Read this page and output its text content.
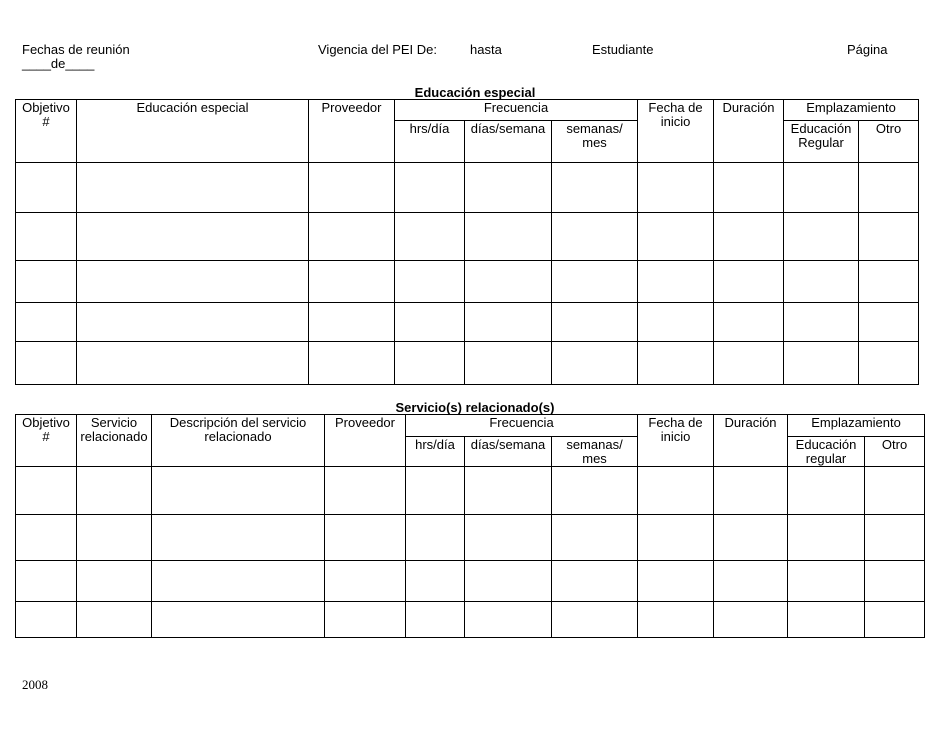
Fechas de reunión
____de____
Vigencia del PEI De:	hasta	Estudiante	Página
Educación especial
Objetivo #	Educación especial	Proveedor	Frecuencia			Fecha de inicio	Duración	Emplazamiento	
			hrs/día	días/semana	semanas/ mes			Educación Regular	Otro

Servicio(s) relacionado(s)
Objetivo #	Servicio relacionado	Descripción del servicio relacionado	Proveedor	Frecuencia			Fecha de inicio	Duración	Emplazamiento	
				hrs/día	días/semana	semanas/ mes			Educación regular	Otro

2008
